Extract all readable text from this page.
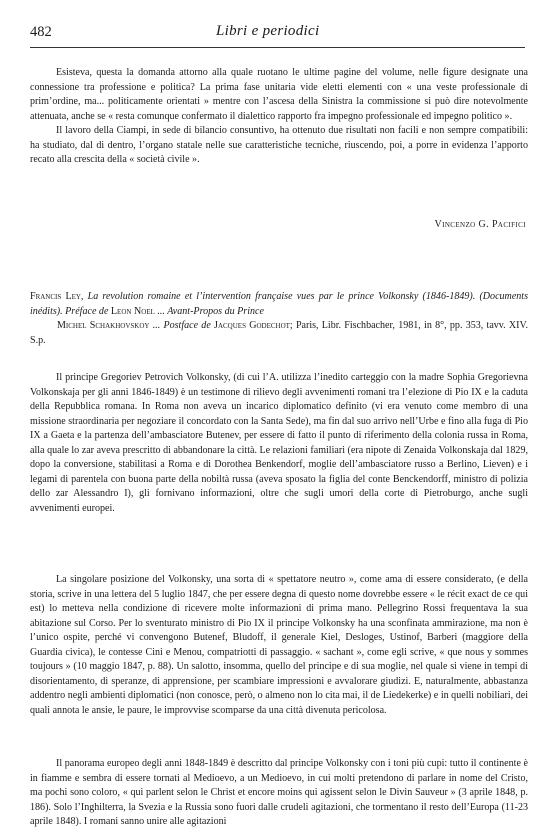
482	Libri e periodici

Esisteva, questa la domanda attorno alla quale ruotano le ultime pagine del volume, nelle figure designate una connessione tra professione e politica? La prima fase unitaria vide eletti elementi con « una veste professionale di prim’ordine, ma... politicamente orientati » mentre con l’ascesa della Sinistra la commissione si può dire notevolmente attenuata, anche se « resta comunque confermato il dialettico rapporto fra impegno professionale ed impegno politico ».

Il lavoro della Ciampi, in sede di bilancio consuntivo, ha ottenuto due risultati non facili e non sempre compatibili: ha studiato, dal di dentro, l’organo statale nelle sue caratteristiche tecniche, riuscendo, poi, a porre in evidenza l’apporto recato alla crescita della « società civile ».

Vincenzo G. Pacifici
Francis Ley, La revolution romaine et l’intervention française vues par le prince Volkonsky (1846-1849). (Documents inédits). Préface de Leon Noel ... Avant-Propos du Prince
Michel Schakhovskoy ... Postface de Jacques Godechot; Paris, Libr. Fischbacher, 1981, in 8°, pp. 353, tavv. XIV. S.p.

Il principe Gregoriev Petrovich Volkonsky, (di cui l’A. utilizza l’inedito carteggio con la madre Sophia Gregorievna Volkonskaja per gli anni 1846-1849) è un testimone di rilievo degli avvenimenti romani tra l’elezione di Pio IX e la caduta della Repubblica romana. In Roma non aveva un incarico diplomatico definito (vi era venuto come membro di una missione straordinaria per negoziare il concordato con la Santa Sede), ma fin dal suo arrivo nell’Urbe e fino alla fuga di Pio IX a Gaeta e la partenza dell’ambasciatore Butenev, per essere di fatto il punto di riferimento della colonia russa in Roma, alla quale lo zar aveva prescritto di abbandonare la città. Le relazioni familiari (era nipote di Zenaida Volkonskaja dal 1829, dopo la conversione, stabilitasi a Roma e di Dorothea Benkendorf, moglie dell’ambasciatore russo a Berlino, Lieven) e i legami di parentela con buona parte della nobiltà russa (aveva sposato la figlia del conte Benckendorff, ministro di polizia dello zar Alessandro I), gli fornivano informazioni, oltre che sugli umori della corte di Pietroburgo, anche sugli avvenimenti europei.

La singolare posizione del Volkonsky, una sorta di « spettatore neutro », come ama di essere considerato, (e della storia, scrive in una lettera del 5 luglio 1847, che per essere degna di questo nome dovrebbe essere « le récit exact de ce qui est) lo metteva nella condizione di ricevere molte informazioni di prima mano. Pellegrino Rossi frequentava la sua abitazione sul Corso. Per lo sventurato ministro di Pio IX il principe Volkonsky ha una sconfinata ammirazione, ma non è l’unico ospite, perché vi convengono Butenef, Bludoff, il generale Kiel, Desloges, Ustinof, Barberi (maggiore della Guardia civica), le contesse Cini e Menou, compatriotti di passaggio. « sachant », come egli scrive, « que nous y sommes toujours » (10 maggio 1847, p. 88). Un salotto, insomma, quello del principe e di sua moglie, nel quale si viene in tempi di disorientamento, di speranze, di apprensione, per scambiare impressioni e avvalorare giudizi. E, naturalmente, abbastanza addentro negli ambienti diplomatici (non conosce, però, o almeno non lo cita mai, il de Liedekerke) e in quelli nobiliari, dei quali annota le ansie, le paure, le improvvise scomparse da una città divenuta pericolosa.

Il panorama europeo degli anni 1848-1849 è descritto dal principe Volkonsky con i toni più cupi: tutto il continente è in fiamme e sembra di essere tornati al Medioevo, a un Medioevo, in cui molti pretendono di parlare in nome del Cristo, ma pochi sono coloro, « qui parlent selon le Christ et encore moins qui agissent selon le Divin Sauveur » (3 aprile 1848, p. 186). Solo l’Inghilterra, la Svezia e la Russia sono fuori dalle crudeli agitazioni, che tormentano il resto dell’Europa (11-23 aprile 1848). I romani sanno unire alle agitazioni
